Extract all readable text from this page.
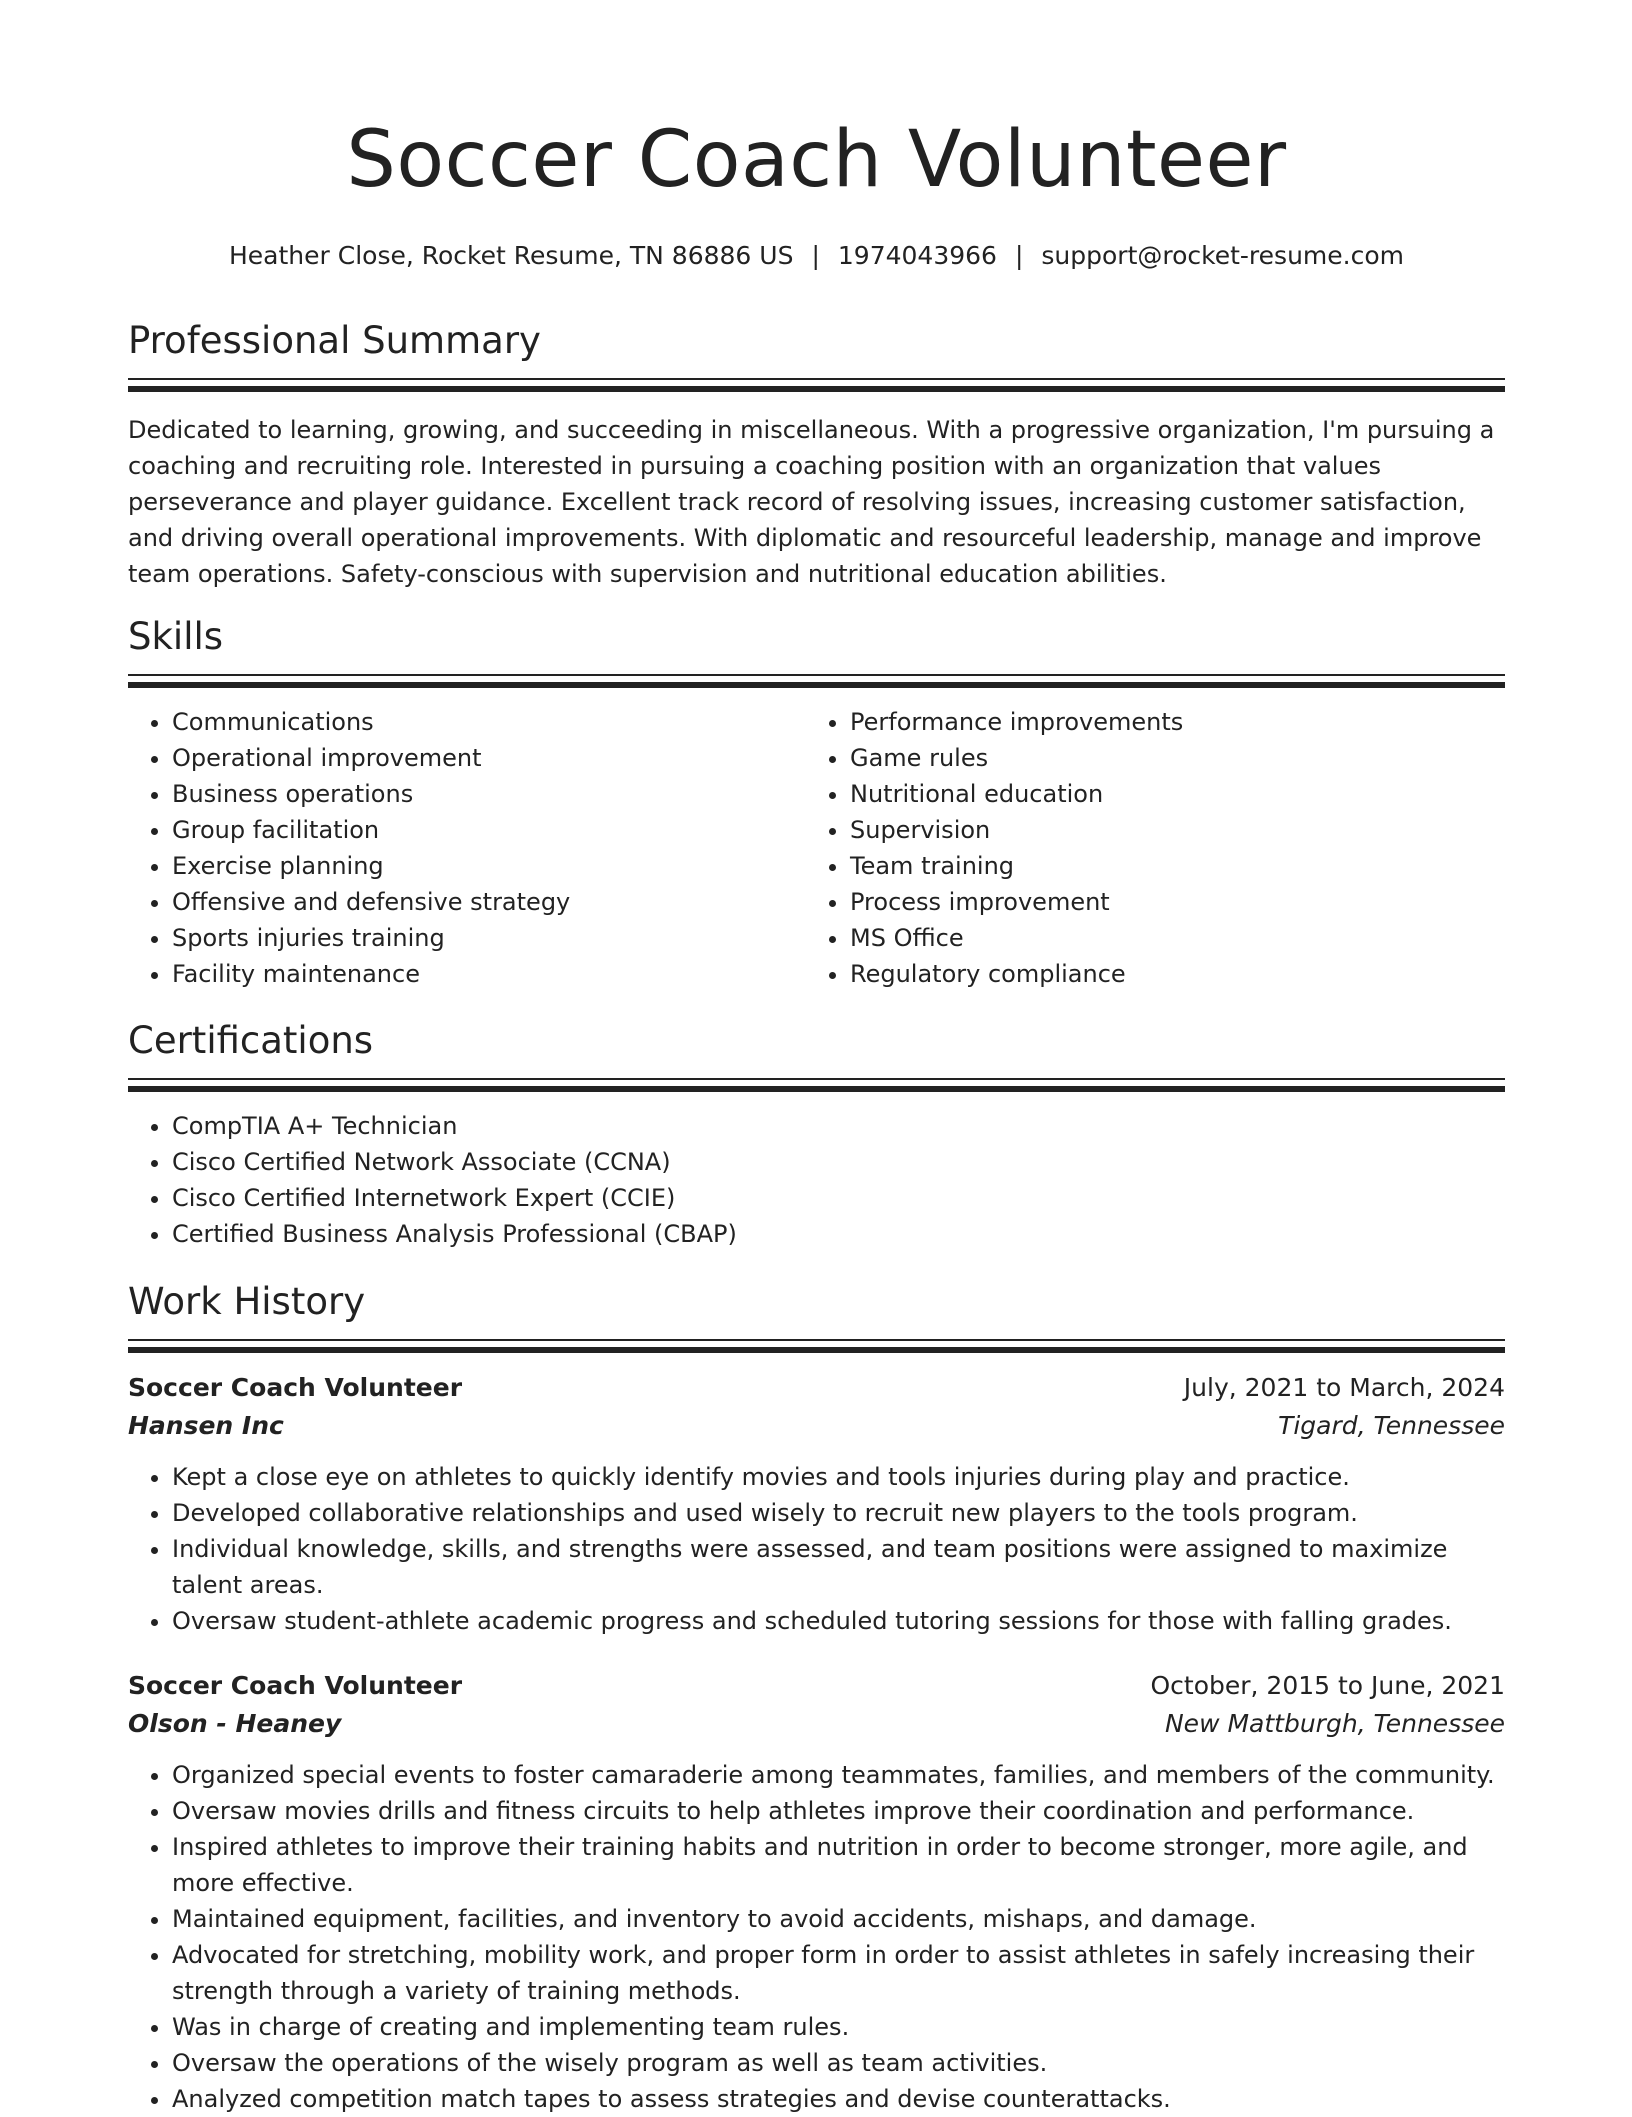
Soccer Coach Volunteer
Heather Close, Rocket Resume, TN 86886 US | 1974043966 | support@rocket-resume.com
Professional Summary
Dedicated to learning, growing, and succeeding in miscellaneous. With a progressive organization, I'm pursuing a coaching and recruiting role. Interested in pursuing a coaching position with an organization that values perseverance and player guidance. Excellent track record of resolving issues, increasing customer satisfaction, and driving overall operational improvements. With diplomatic and resourceful leadership, manage and improve team operations. Safety-conscious with supervision and nutritional education abilities.
Skills
• Communications
• Operational improvement
• Business operations
• Group facilitation
• Exercise planning
• Offensive and defensive strategy
• Sports injuries training
• Facility maintenance
• Performance improvements
• Game rules
• Nutritional education
• Supervision
• Team training
• Process improvement
• MS Office
• Regulatory compliance
Certifications
• CompTIA A+ Technician
• Cisco Certified Network Associate (CCNA)
• Cisco Certified Internetwork Expert (CCIE)
• Certified Business Analysis Professional (CBAP)
Work History
Soccer Coach Volunteer	July, 2021 to March, 2024
Hansen Inc	Tigard, Tennessee
• Kept a close eye on athletes to quickly identify movies and tools injuries during play and practice.
• Developed collaborative relationships and used wisely to recruit new players to the tools program.
• Individual knowledge, skills, and strengths were assessed, and team positions were assigned to maximize talent areas.
• Oversaw student-athlete academic progress and scheduled tutoring sessions for those with falling grades.
Soccer Coach Volunteer	October, 2015 to June, 2021
Olson - Heaney	New Mattburgh, Tennessee
• Organized special events to foster camaraderie among teammates, families, and members of the community.
• Oversaw movies drills and fitness circuits to help athletes improve their coordination and performance.
• Inspired athletes to improve their training habits and nutrition in order to become stronger, more agile, and more effective.
• Maintained equipment, facilities, and inventory to avoid accidents, mishaps, and damage.
• Advocated for stretching, mobility work, and proper form in order to assist athletes in safely increasing their strength through a variety of training methods.
• Was in charge of creating and implementing team rules.
• Oversaw the operations of the wisely program as well as team activities.
• Analyzed competition match tapes to assess strategies and devise counterattacks.
